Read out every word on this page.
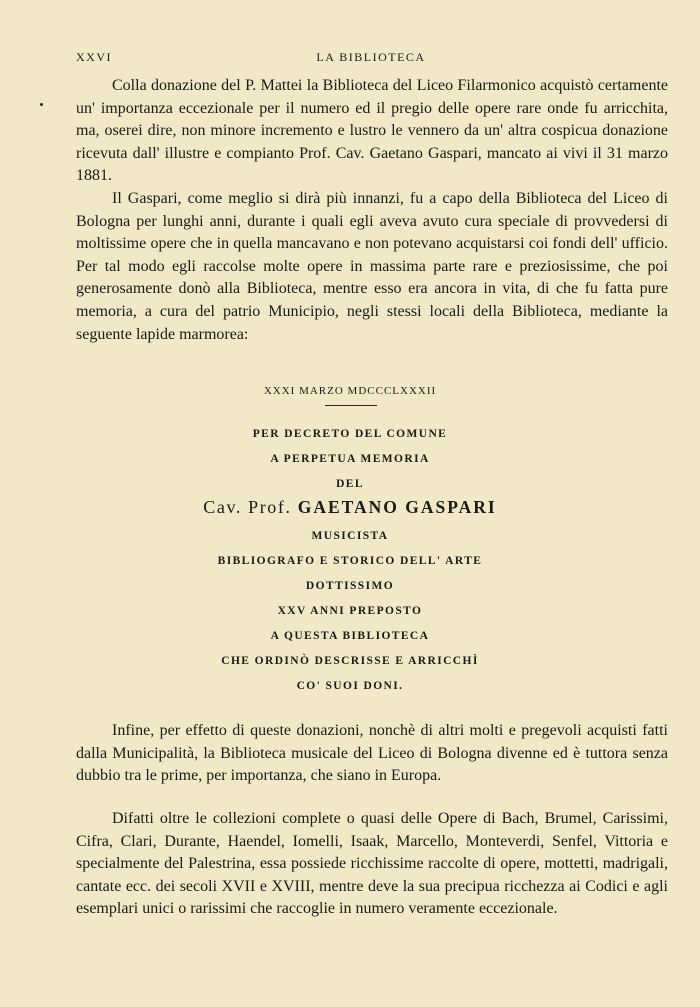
XXVI	LA BIBLIOTECA

Colla donazione del P. Mattei la Biblioteca del Liceo Filarmonico acquistò certamente un' importanza eccezionale per il numero ed il pregio delle opere rare onde fu arricchita, ma, oserei dire, non minore incremento e lustro le vennero da un' altra cospicua donazione ricevuta dall' illustre e compianto Prof. Cav. Gaetano Gaspari, mancato ai vivi il 31 marzo 1881.

Il Gaspari, come meglio si dirà più innanzi, fu a capo della Biblioteca del Liceo di Bologna per lunghi anni, durante i quali egli aveva avuto cura speciale di provvedersi di moltissime opere che in quella mancavano e non potevano acquistarsi coi fondi dell' ufficio. Per tal modo egli raccolse molte opere in massima parte rare e preziosissime, che poi generosamente donò alla Biblioteca, mentre esso era ancora in vita, di che fu fatta pure memoria, a cura del patrio Municipio, negli stessi locali della Biblioteca, mediante la seguente lapide marmorea:

XXXI MARZO MDCCCLXXXII
PER DECRETO DEL COMUNE
A PERPETUA MEMORIA
DEL
Cav. Prof. GAETANO GASPARI
MUSICISTA
BIBLIOGRAFO E STORICO DELL' ARTE
DOTTISSIMO
XXV ANNI PREPOSTO
A QUESTA BIBLIOTECA
CHE ORDINÒ DESCRISSE E ARRICCHÌ
CO' SUOI DONI.

Infine, per effetto di queste donazioni, nonchè di altri molti e pregevoli acquisti fatti dalla Municipalità, la Biblioteca musicale del Liceo di Bologna divenne ed è tuttora senza dubbio tra le prime, per importanza, che siano in Europa.

Difatti oltre le collezioni complete o quasi delle Opere di Bach, Brumel, Carissimi, Cifra, Clari, Durante, Haendel, Iomelli, Isaak, Marcello, Monteverdi, Senfel, Vittoria e specialmente del Palestrina, essa possiede ricchissime raccolte di opere, mottetti, madrigali, cantate ecc. dei secoli XVII e XVIII, mentre deve la sua precipua ricchezza ai Codici e agli esemplari unici o rarissimi che raccoglie in numero veramente eccezionale.
